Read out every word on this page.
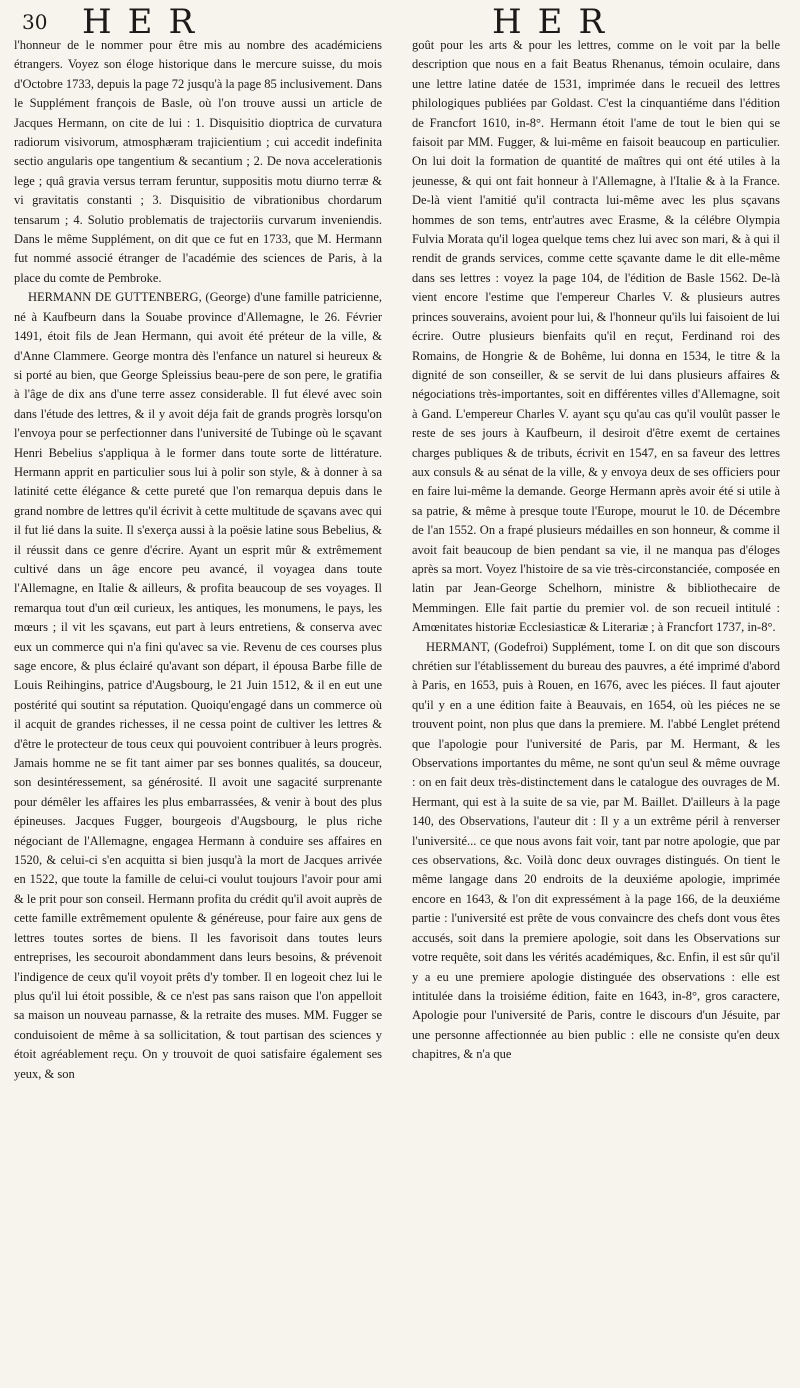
30 HER	HER

l'honneur de le nommer pour être mis au nombre des académiciens étrangers. Voyez son éloge historique dans le mercure suisse, du mois d'Octobre 1733, depuis la page 72 jusqu'à la page 85 inclusivement. Dans le Supplément françois de Basle, où l'on trouve aussi un article de Jacques Hermann, on cite de lui : 1. Disquisitio dioptrica de curvatura radiorum visivorum, atmosphæram trajicientium ; cui accedit indefinita sectio angularis ope tangentium & secantium ; 2. De nova accelerationis lege ; quâ gravia versus terram feruntur, suppositis motu diurno terræ & vi gravitatis constanti ; 3. Disquisitio de vibrationibus chordarum tensarum ; 4. Solutio problematis de trajectoriis curvarum inveniendis. Dans le même Supplément, on dit que ce fut en 1733, que M. Hermann fut nommé associé étranger de l'académie des sciences de Paris, à la place du comte de Pembroke.

HERMANN DE GUTTENBERG, (George) d'une famille patricienne, né à Kaufbeurn dans la Souabe province d'Allemagne, le 26. Février 1491, étoit fils de Jean Hermann, qui avoit été préteur de la ville, & d'Anne Clammere. George montra dès l'enfance un naturel si heureux & si porté au bien, que George Spleissius beau-pere de son pere, le gratifia à l'âge de dix ans d'une terre assez considerable. Il fut élevé avec soin dans l'étude des lettres, & il y avoit déja fait de grands progrès lorsqu'on l'envoya pour se perfectionner dans l'université de Tubinge où le sçavant Henri Bebelius s'appliqua à le former dans toute sorte de littérature. Hermann apprit en particulier sous lui à polir son style, & à donner à sa latinité cette élégance & cette pureté que l'on remarqua depuis dans le grand nombre de lettres qu'il écrivit à cette multitude de sçavans avec qui il fut lié dans la suite. Il s'exerça aussi à la poësie latine sous Bebelius, & il réussit dans ce genre d'écrire. Ayant un esprit mûr & extrêmement cultivé dans un âge encore peu avancé, il voyagea dans toute l'Allemagne, en Italie & ailleurs, & profita beaucoup de ses voyages. Il remarqua tout d'un œil curieux, les antiques, les monumens, le pays, les mœurs ; il vit les sçavans, eut part à leurs entretiens, & conserva avec eux un commerce qui n'a fini qu'avec sa vie. Revenu de ces courses plus sage encore, & plus éclairé qu'avant son départ, il épousa Barbe fille de Louis Reihingins, patrice d'Augsbourg, le 21 Juin 1512, & il en eut une postérité qui soutint sa réputation. Quoiqu'engagé dans un commerce où il acquit de grandes richesses, il ne cessa point de cultiver les lettres & d'être le protecteur de tous ceux qui pouvoient contribuer à leurs progrès. Jamais homme ne se fit tant aimer par ses bonnes qualités, sa douceur, son desintéressement, sa générosité. Il avoit une sagacité surprenante pour démêler les affaires les plus embarrassées, & venir à bout des plus épineuses. Jacques Fugger, bourgeois d'Augsbourg, le plus riche négociant de l'Allemagne, engagea Hermann à conduire ses affaires en 1520, & celui-ci s'en acquitta si bien jusqu'à la mort de Jacques arrivée en 1522, que toute la famille de celui-ci voulut toujours l'avoir pour ami & le prit pour son conseil. Hermann profita du crédit qu'il avoit auprès de cette famille extrêmement opulente & généreuse, pour faire aux gens de lettres toutes sortes de biens. Il les favorisoit dans toutes leurs entreprises, les secouroit abondamment dans leurs besoins, & prévenoit l'indigence de ceux qu'il voyoit prêts d'y tomber. Il en logeoit chez lui le plus qu'il lui étoit possible, & ce n'est pas sans raison que l'on appelloit sa maison un nouveau parnasse, & la retraite des muses. MM. Fugger se conduisoient de même à sa sollicitation, & tout partisan des sciences y étoit agréablement reçu. On y trouvoit de quoi satisfaire également ses yeux, & son

goût pour les arts & pour les lettres, comme on le voit par la belle description que nous en a fait Beatus Rhenanus, témoin oculaire, dans une lettre latine datée de 1531, imprimée dans le recueil des lettres philologiques publiées par Goldast. C'est la cinquantiéme dans l'édition de Francfort 1610, in-8°. Hermann étoit l'ame de tout le bien qui se faisoit par MM. Fugger, & lui-même en faisoit beaucoup en particulier. On lui doit la formation de quantité de maîtres qui ont été utiles à la jeunesse, & qui ont fait honneur à l'Allemagne, à l'Italie & à la France. De-là vient l'amitié qu'il contracta lui-même avec les plus sçavans hommes de son tems, entr'autres avec Erasme, & la célébre Olympia Fulvia Morata qu'il logea quelque tems chez lui avec son mari, & à qui il rendit de grands services, comme cette sçavante dame le dit elle-même dans ses lettres : voyez la page 104, de l'édition de Basle 1562. De-là vient encore l'estime que l'empereur Charles V. & plusieurs autres princes souverains, avoient pour lui, & l'honneur qu'ils lui faisoient de lui écrire. Outre plusieurs bienfaits qu'il en reçut, Ferdinand roi des Romains, de Hongrie & de Bohême, lui donna en 1534, le titre & la dignité de son conseiller, & se servit de lui dans plusieurs affaires & négociations très-importantes, soit en différentes villes d'Allemagne, soit à Gand. L'empereur Charles V. ayant sçu qu'au cas qu'il voulût passer le reste de ses jours à Kaufbeurn, il desiroit d'être exemt de certaines charges publiques & de tributs, écrivit en 1547, en sa faveur des lettres aux consuls & au sénat de la ville, & y envoya deux de ses officiers pour en faire lui-même la demande. George Hermann après avoir été si utile à sa patrie, & même à presque toute l'Europe, mourut le 10. de Décembre de l'an 1552. On a frapé plusieurs médailles en son honneur, & comme il avoit fait beaucoup de bien pendant sa vie, il ne manqua pas d'éloges après sa mort. Voyez l'histoire de sa vie très-circonstanciée, composée en latin par Jean-George Schelhorn, ministre & bibliothecaire de Memmingen. Elle fait partie du premier vol. de son recueil intitulé : Amœnitates historiæ Ecclesiasticæ & Literariæ ; à Francfort 1737, in-8°.

HERMANT, (Godefroi) Supplément, tome I. on dit que son discours chrétien sur l'établissement du bureau des pauvres, a été imprimé d'abord à Paris, en 1653, puis à Rouen, en 1676, avec les piéces. Il faut ajouter qu'il y en a une édition faite à Beauvais, en 1654, où les piéces ne se trouvent point, non plus que dans la premiere. M. l'abbé Lenglet prétend que l'apologie pour l'université de Paris, par M. Hermant, & les Observations importantes du même, ne sont qu'un seul & même ouvrage : on en fait deux très-distinctement dans le catalogue des ouvrages de M. Hermant, qui est à la suite de sa vie, par M. Baillet. D'ailleurs à la page 140, des Observations, l'auteur dit : Il y a un extrême péril à renverser l'université... ce que nous avons fait voir, tant par notre apologie, que par ces observations, &c. Voilà donc deux ouvrages distingués. On tient le même langage dans 20 endroits de la deuxiéme apologie, imprimée encore en 1643, & l'on dit expressément à la page 166, de la deuxiéme partie : l'université est prête de vous convaincre des chefs dont vous êtes accusés, soit dans la premiere apologie, soit dans les Observations sur votre requête, soit dans les vérités académiques, &c. Enfin, il est sûr qu'il y a eu une premiere apologie distinguée des observations : elle est intitulée dans la troisiéme édition, faite en 1643, in-8°, gros caractere, Apologie pour l'université de Paris, contre le discours d'un Jésuite, par une personne affectionnée au bien public : elle ne consiste qu'en deux chapitres, & n'a que
